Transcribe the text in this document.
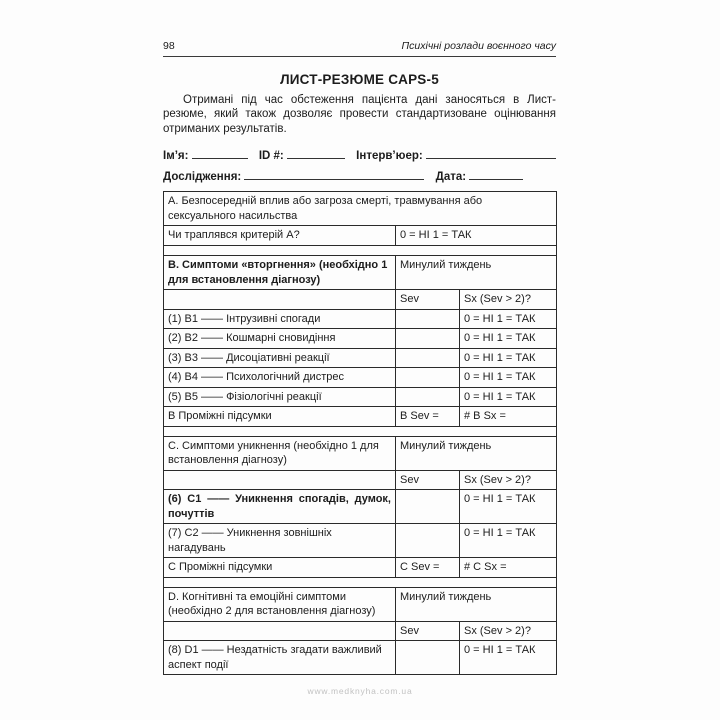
98	Психічні розлади воєнного часу
ЛИСТ-РЕЗЮМЕ CAPS-5

Отримані під час обстеження пацієнта дані заносяться в Лист-резюме, який також дозволяє провести стандартизоване оцінювання отриманих результатів.

Ім’я:	ID #:	Інтерв’юер:
Дослідження:	Дата:
А. Безпосередній вплив або загроза смерті, травмування або сексуального насильства		
Чи траплявся критерій А?	0 = НІ 1 = ТАК	

В. Симптоми «вторгнення» (необхідно 1 для встановлення діагнозу)	Минулий тиждень	
	Sev	Sx (Sev > 2)?
(1) B1 —— Інтрузивні спогади		0 = НІ 1 = ТАК
(2) B2 —— Кошмарні сновидіння		0 = НІ 1 = ТАК
(3) B3 —— Дисоціативні реакції		0 = НІ 1 = ТАК
(4) B4 —— Психологічний дистрес		0 = НІ 1 = ТАК
(5) B5 —— Фізіологічні реакції		0 = НІ 1 = ТАК
В Проміжні підсумки	B Sev =	# B Sx =

С. Симптоми уникнення (необхідно 1 для встановлення діагнозу)	Минулий тиждень	
	Sev	Sx (Sev > 2)?
(6) C1 —— Уникнення спогадів, думок, почуттів		0 = НІ 1 = ТАК
(7) C2 —— Уникнення зовнішніх нагадувань		0 = НІ 1 = ТАК
С Проміжні підсумки	C Sev =	# C Sx =

D. Когнітивні та емоційні симптоми (необхідно 2 для встановлення діагнозу)	Минулий тиждень	
	Sev	Sx (Sev > 2)?
(8) D1 —— Нездатність згадати важливий аспект події		0 = НІ 1 = ТАК
www.medknyha.com.ua
